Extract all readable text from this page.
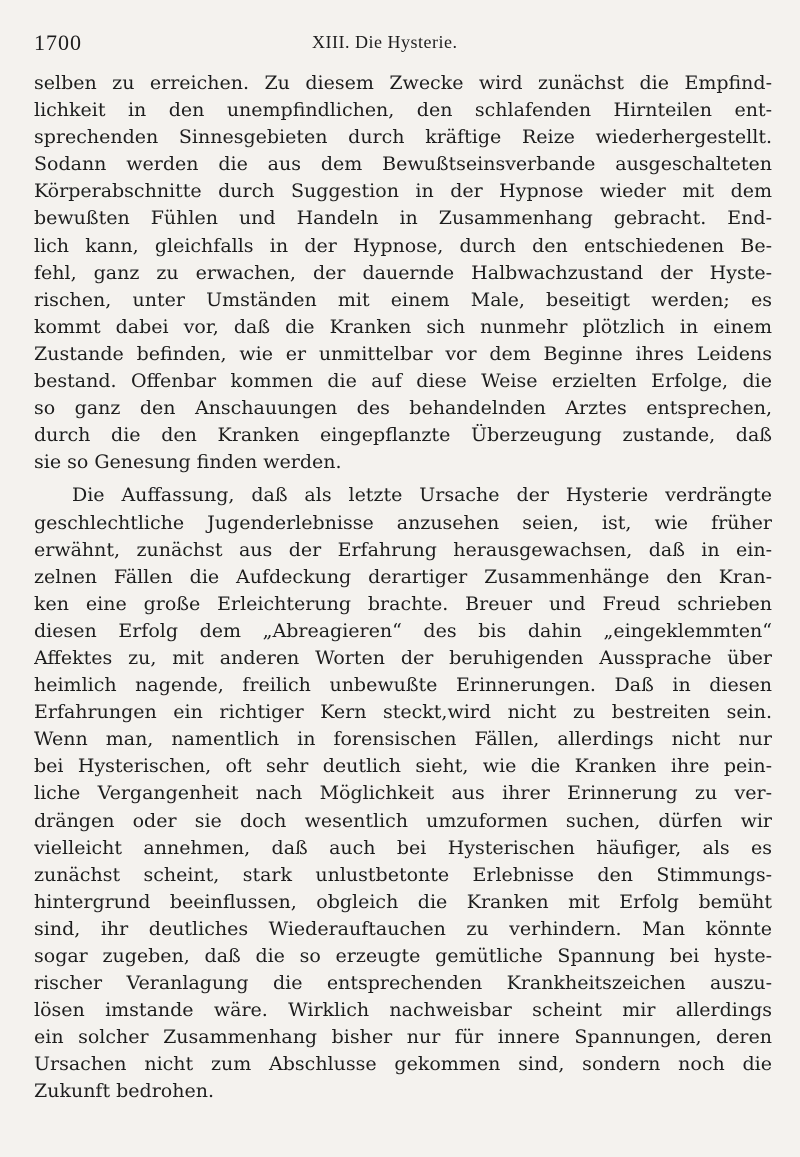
1700	XIII. Die Hysterie.
selben zu erreichen. Zu diesem Zwecke wird zunächst die Empfind-
lichkeit in den unempfindlichen, den schlafenden Hirnteilen ent-
sprechenden Sinnesgebieten durch kräftige Reize wiederhergestellt.
Sodann werden die aus dem Bewußtseinsverbande ausgeschalteten
Körperabschnitte durch Suggestion in der Hypnose wieder mit dem
bewußten Fühlen und Handeln in Zusammenhang gebracht. End-
lich kann, gleichfalls in der Hypnose, durch den entschiedenen Be-
fehl, ganz zu erwachen, der dauernde Halbwachzustand der Hyste-
rischen, unter Umständen mit einem Male, beseitigt werden; es
kommt dabei vor, daß die Kranken sich nunmehr plötzlich in einem
Zustande befinden, wie er unmittelbar vor dem Beginne ihres Leidens
bestand. Offenbar kommen die auf diese Weise erzielten Erfolge, die
so ganz den Anschauungen des behandelnden Arztes entsprechen,
durch die den Kranken eingepflanzte Überzeugung zustande, daß
sie so Genesung finden werden.
Die Auffassung, daß als letzte Ursache der Hysterie verdrängte
geschlechtliche Jugenderlebnisse anzusehen seien, ist, wie früher
erwähnt, zunächst aus der Erfahrung herausgewachsen, daß in ein-
zelnen Fällen die Aufdeckung derartiger Zusammenhänge den Kran-
ken eine große Erleichterung brachte. Breuer und Freud schrieben
diesen Erfolg dem „Abreagieren“ des bis dahin „eingeklemmten“
Affektes zu, mit anderen Worten der beruhigenden Aussprache über
heimlich nagende, freilich unbewußte Erinnerungen. Daß in diesen
Erfahrungen ein richtiger Kern steckt,wird nicht zu bestreiten sein.
Wenn man, namentlich in forensischen Fällen, allerdings nicht nur
bei Hysterischen, oft sehr deutlich sieht, wie die Kranken ihre pein-
liche Vergangenheit nach Möglichkeit aus ihrer Erinnerung zu ver-
drängen oder sie doch wesentlich umzuformen suchen, dürfen wir
vielleicht annehmen, daß auch bei Hysterischen häufiger, als es
zunächst scheint, stark unlustbetonte Erlebnisse den Stimmungs-
hintergrund beeinflussen, obgleich die Kranken mit Erfolg bemüht
sind, ihr deutliches Wiederauftauchen zu verhindern. Man könnte
sogar zugeben, daß die so erzeugte gemütliche Spannung bei hyste-
rischer Veranlagung die entsprechenden Krankheitszeichen auszu-
lösen imstande wäre. Wirklich nachweisbar scheint mir allerdings
ein solcher Zusammenhang bisher nur für innere Spannungen, deren
Ursachen nicht zum Abschlusse gekommen sind, sondern noch die
Zukunft bedrohen.
